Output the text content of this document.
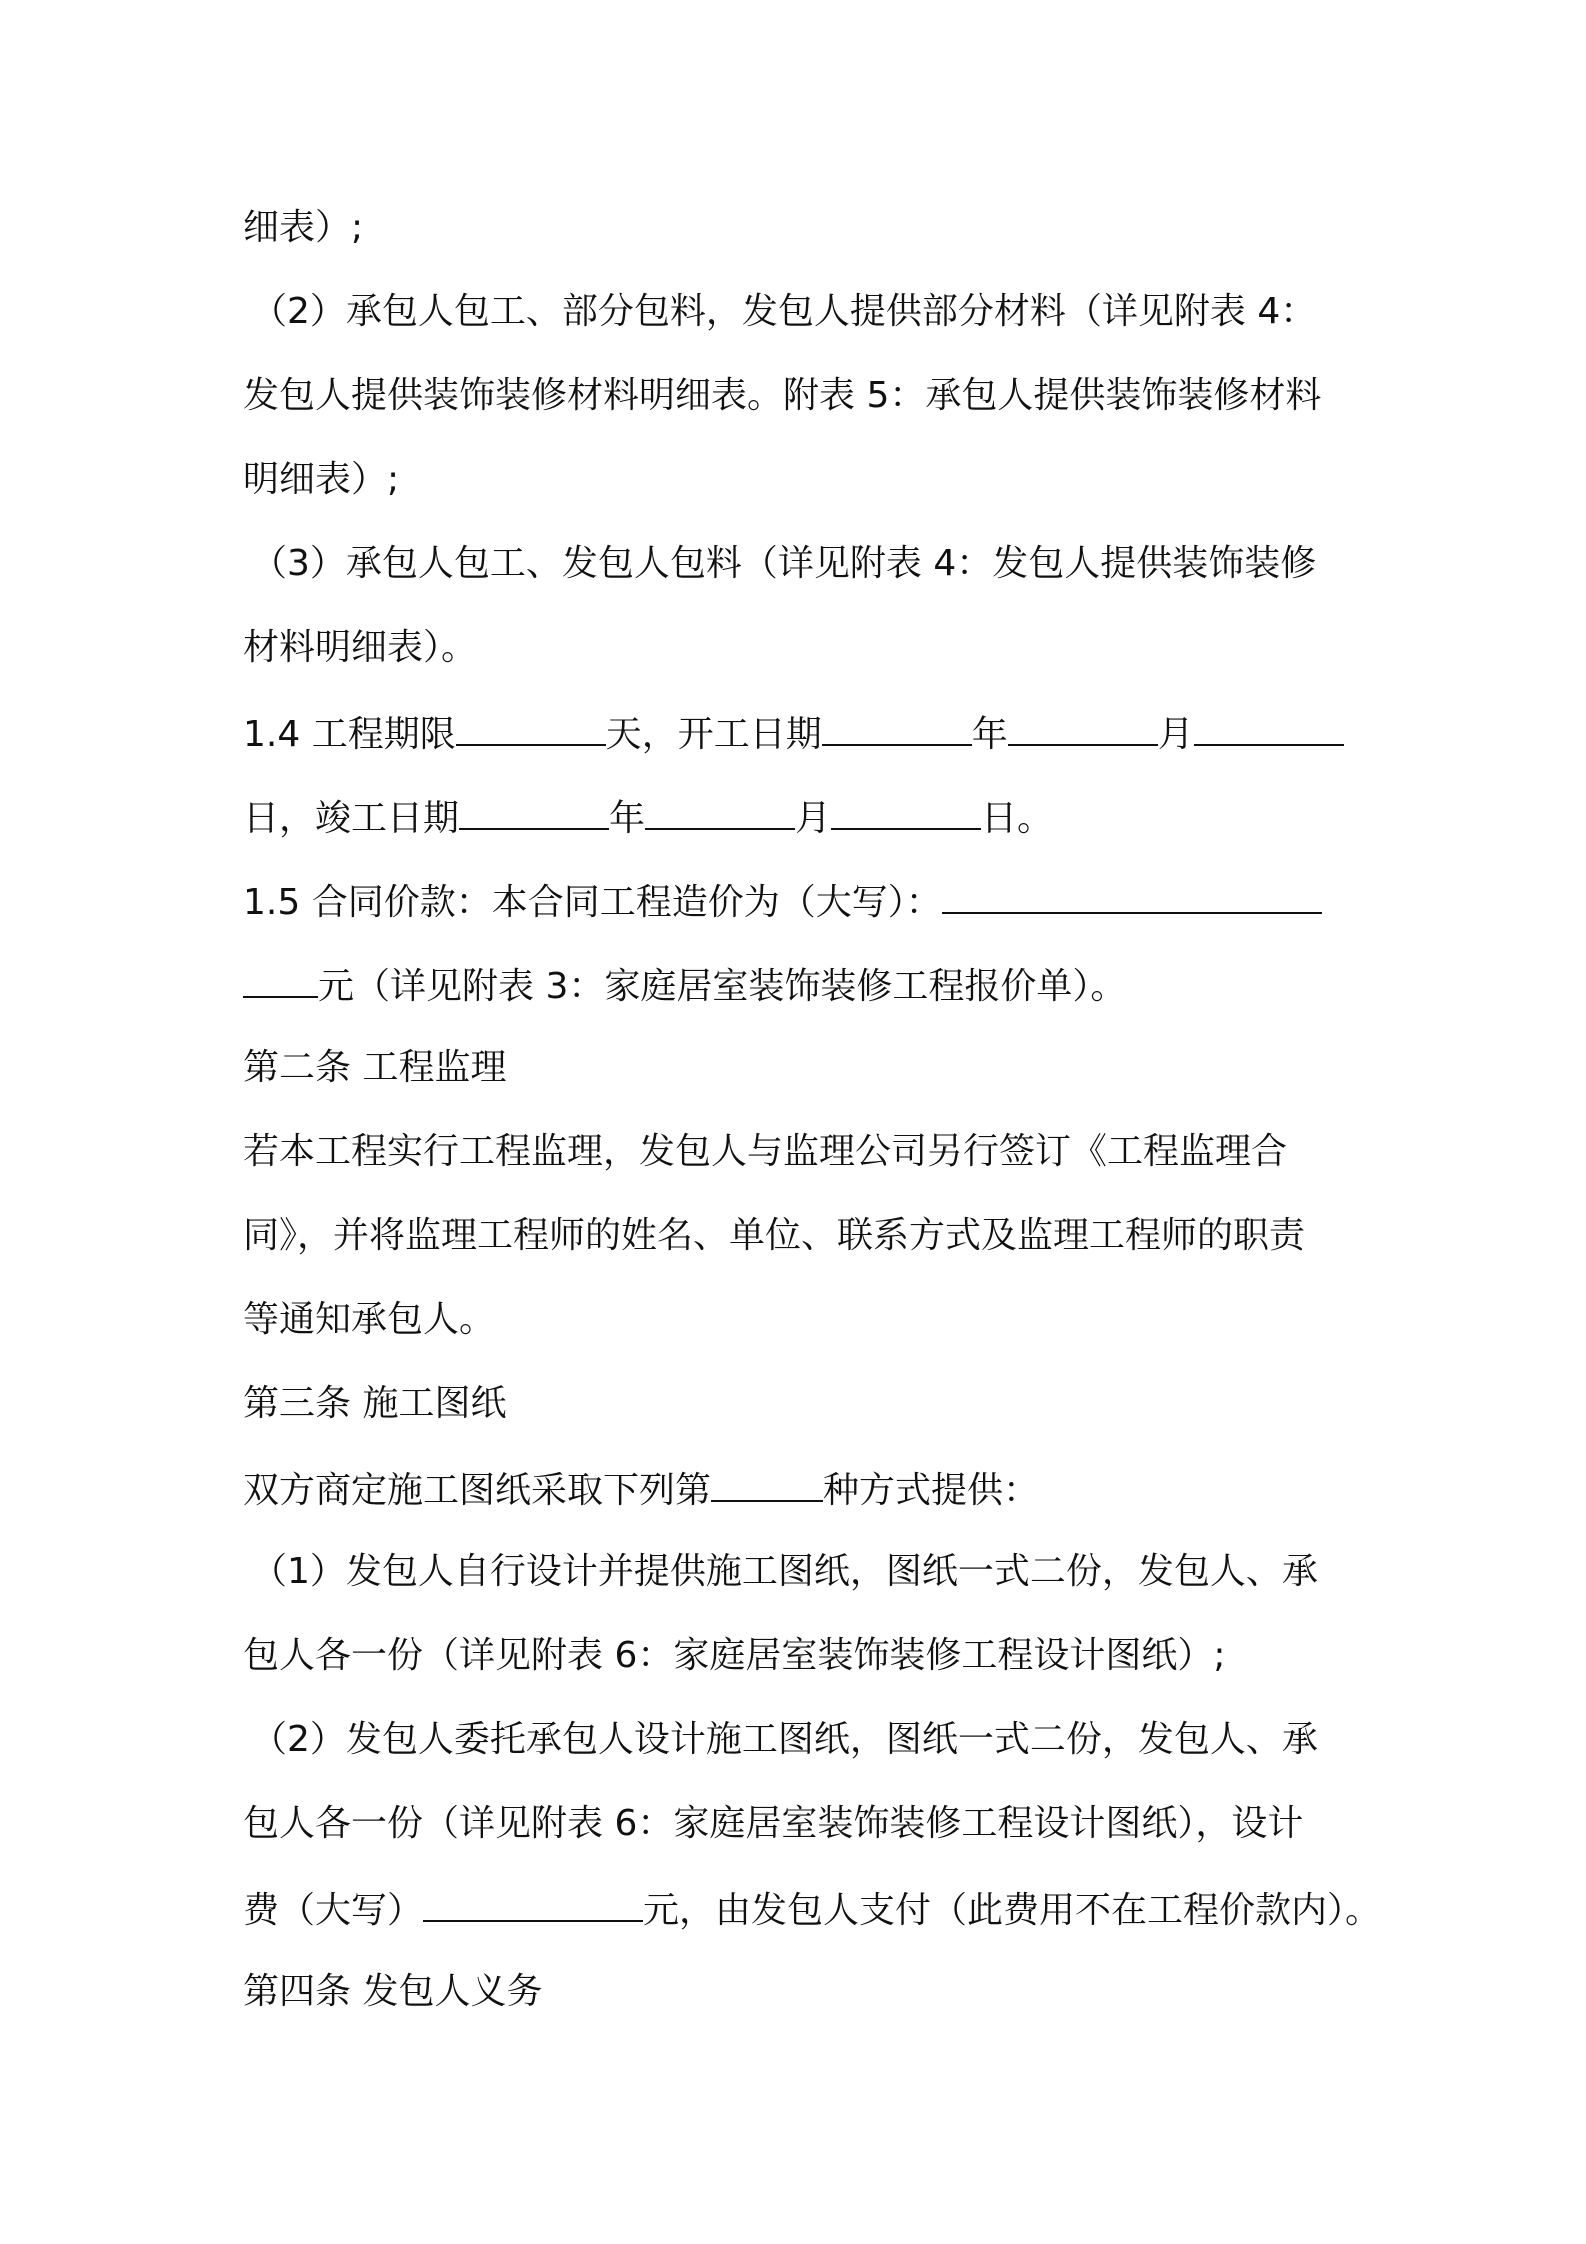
细表）;
（2）承包人包工、部分包料，发包人提供部分材料（详见附表 4：
发包人提供装饰装修材料明细表。附表 5：承包人提供装饰装修材料
明细表）;
（3）承包人包工、发包人包料（详见附表 4：发包人提供装饰装修
材料明细表）。
1.4 工程期限	天，开工日期	年	月
日，竣工日期	年	月	日。
1.5 合同价款：本合同工程造价为（大写）：
元（详见附表 3：家庭居室装饰装修工程报价单）。
第二条 工程监理
若本工程实行工程监理，发包人与监理公司另行签订《工程监理合
同》，并将监理工程师的姓名、单位、联系方式及监理工程师的职责
等通知承包人。
第三条 施工图纸
双方商定施工图纸采取下列第	种方式提供：
（1）发包人自行设计并提供施工图纸，图纸一式二份，发包人、承
包人各一份（详见附表 6：家庭居室装饰装修工程设计图纸）;
（2）发包人委托承包人设计施工图纸，图纸一式二份，发包人、承
包人各一份（详见附表 6：家庭居室装饰装修工程设计图纸），设计
费（大写）	元，由发包人支付（此费用不在工程价款内）。
第四条 发包人义务
